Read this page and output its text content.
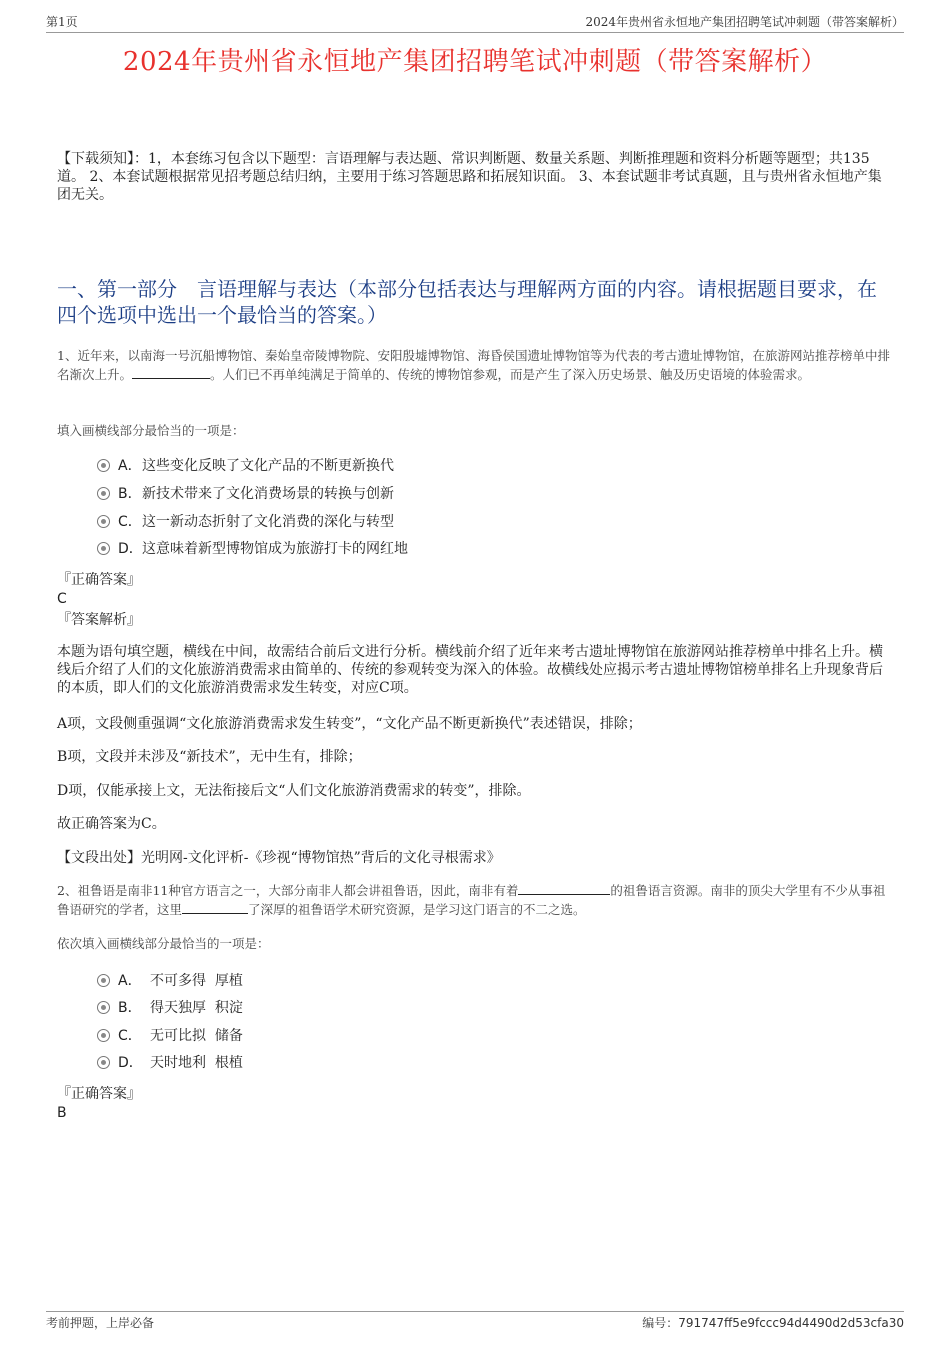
第1页	2024年贵州省永恒地产集团招聘笔试冲刺题（带答案解析）
2024年贵州省永恒地产集团招聘笔试冲刺题（带答案解析）
【下载须知】：1，本套练习包含以下题型：言语理解与表达题、常识判断题、数量关系题、判断推理题和资料分析题等题型；共135道。 2、本套试题根据常见招考题总结归纳，主要用于练习答题思路和拓展知识面。 3、本套试题非考试真题，且与贵州省永恒地产集团无关。
一、第一部分　言语理解与表达（本部分包括表达与理解两方面的内容。请根据题目要求，在四个选项中选出一个最恰当的答案。）
1、近年来，以南海一号沉船博物馆、秦始皇帝陵博物院、安阳殷墟博物馆、海昏侯国遗址博物馆等为代表的考古遗址博物馆，在旅游网站推荐榜单中排名渐次上升。	。人们已不再单纯满足于简单的、传统的博物馆参观，而是产生了深入历史场景、触及历史语境的体验需求。
填入画横线部分最恰当的一项是：
A．这些变化反映了文化产品的不断更新换代
B．新技术带来了文化消费场景的转换与创新
C．这一新动态折射了文化消费的深化与转型
D．这意味着新型博物馆成为旅游打卡的网红地
『正确答案』
C
『答案解析』
本题为语句填空题，横线在中间，故需结合前后文进行分析。横线前介绍了近年来考古遗址博物馆在旅游网站推荐榜单中排名上升。横线后介绍了人们的文化旅游消费需求由简单的、传统的参观转变为深入的体验。故横线处应揭示考古遗址博物馆榜单排名上升现象背后的本质，即人们的文化旅游消费需求发生转变，对应C项。
A项，文段侧重强调“文化旅游消费需求发生转变”，“文化产品不断更新换代”表述错误，排除；
B项，文段并未涉及“新技术”，无中生有，排除；
D项，仅能承接上文，无法衔接后文“人们文化旅游消费需求的转变”，排除。
故正确答案为C。
【文段出处】光明网-文化评析-《珍视“博物馆热”背后的文化寻根需求》
2、祖鲁语是南非11种官方语言之一，大部分南非人都会讲祖鲁语，因此，南非有着	的祖鲁语言资源。南非的顶尖大学里有不少从事祖鲁语研究的学者，这里	了深厚的祖鲁语学术研究资源，是学习这门语言的不二之选。
依次填入画横线部分最恰当的一项是：
A． 不可多得  厚植
B． 得天独厚  积淀
C． 无可比拟  储备
D． 天时地利  根植
『正确答案』
B
考前押题，上岸必备	编号：791747ff5e9fccc94d4490d2d53cfa30
